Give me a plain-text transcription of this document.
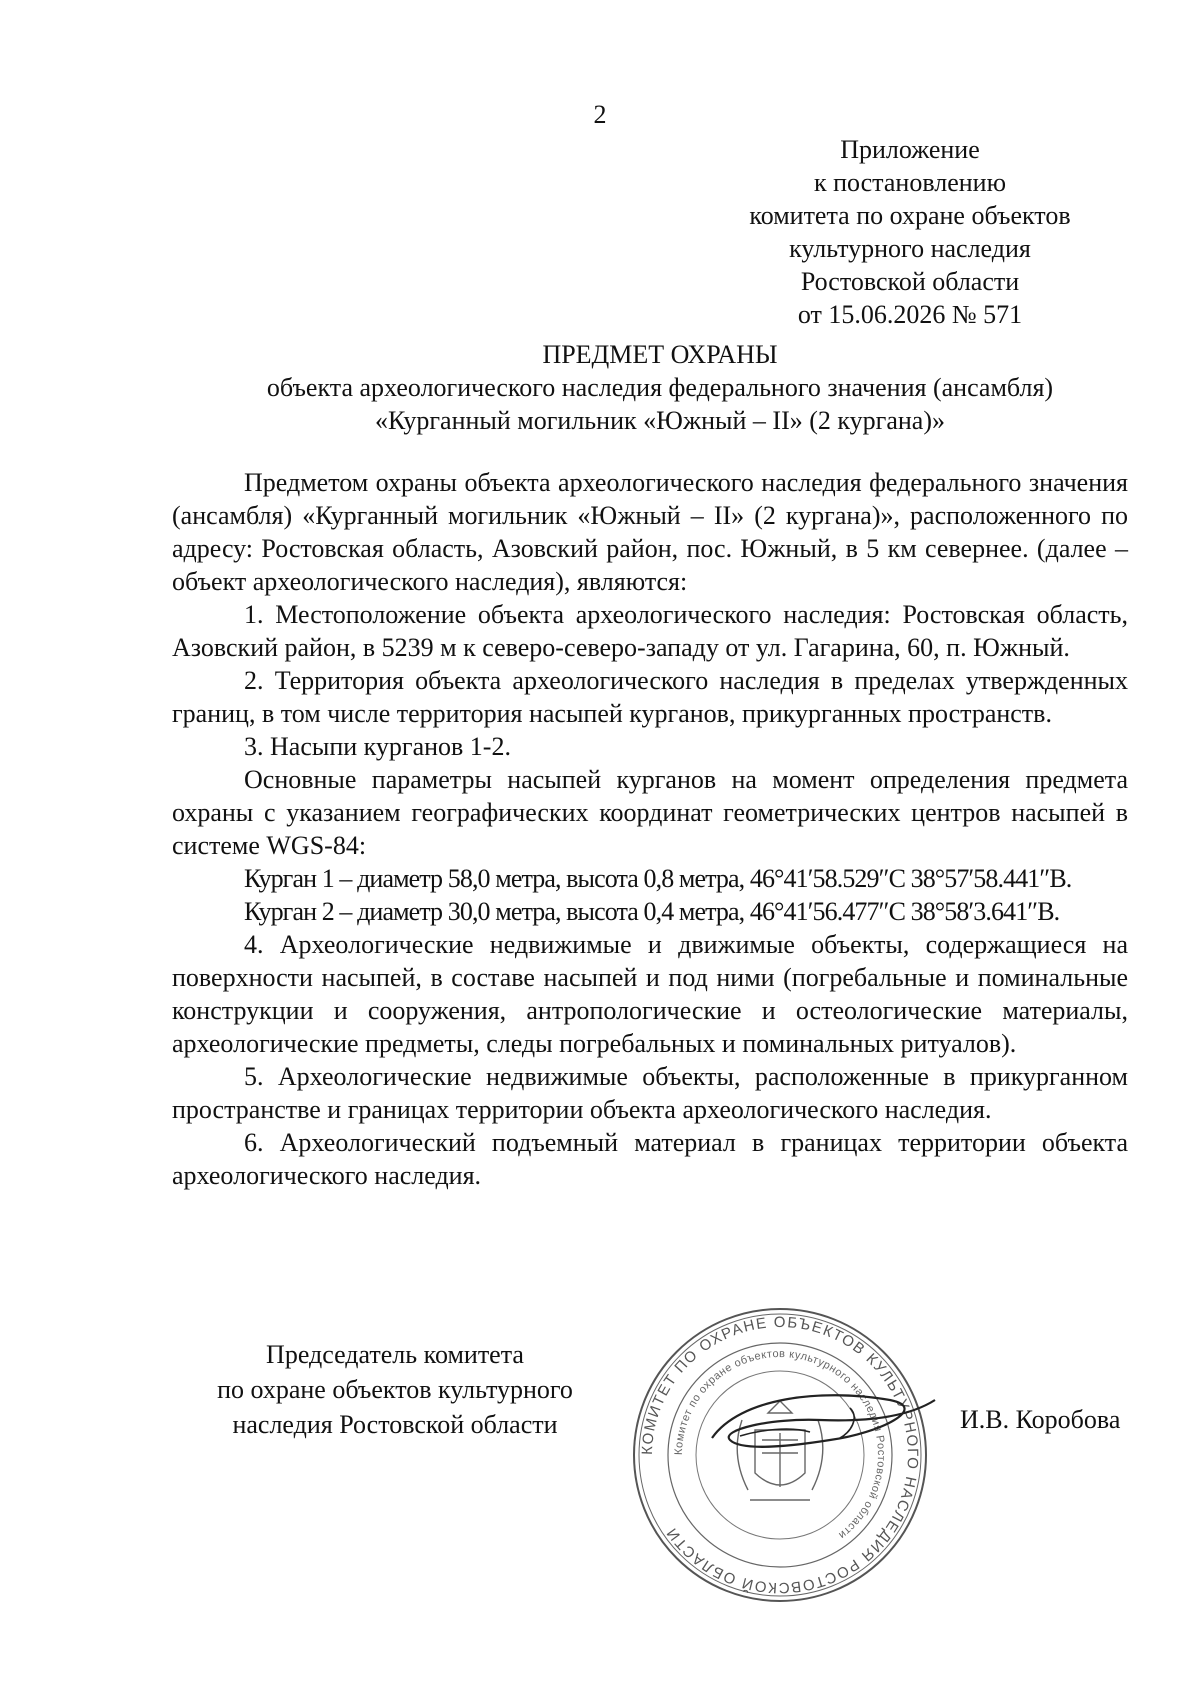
2
Приложение
к постановлению
комитета по охране объектов
культурного наследия
Ростовской области
от 15.06.2026 № 571
ПРЕДМЕТ ОХРАНЫ
объекта археологического наследия федерального значения (ансамбля)
«Курганный могильник «Южный – II» (2 кургана)»

Предметом охраны объекта археологического наследия федерального значения (ансамбля) «Курганный могильник «Южный – II» (2 кургана)», расположенного по адресу: Ростовская область, Азовский район, пос. Южный, в 5 км севернее. (далее – объект археологического наследия), являются:

1. Местоположение объекта археологического наследия: Ростовская область, Азовский район, в 5239 м к северо-северо-западу от ул. Гагарина, 60, п. Южный.

2. Территория объекта археологического наследия в пределах утвержденных границ, в том числе территория насыпей курганов, прикурганных пространств.

3. Насыпи курганов 1-2.

Основные параметры насыпей курганов на момент определения предмета охраны с указанием географических координат геометрических центров насыпей в системе WGS-84:

Курган 1 – диаметр 58,0 метра, высота 0,8 метра, 46°41′58.529″С 38°57′58.441″В.

Курган 2 – диаметр 30,0 метра, высота 0,4 метра, 46°41′56.477″С 38°58′3.641″В.

4. Археологические недвижимые и движимые объекты, содержащиеся на поверхности насыпей, в составе насыпей и под ними (погребальные и поминальные конструкции и сооружения, антропологические и остеологические материалы, археологические предметы, следы погребальных и поминальных ритуалов).

5. Археологические недвижимые объекты, расположенные в прикурганном пространстве и границах территории объекта археологического наследия.

6. Археологический подъемный материал в границах территории объекта археологического наследия.

Председатель комитета
по охране объектов культурного
наследия Ростовской области
КОМИТЕТ ПО ОХРАНЕ ОБЪЕКТОВ КУЛЬТУРНОГО НАСЛЕДИЯ РОСТОВСКОЙ ОБЛАСТИ
Комитет по охране объектов культурного наследия Ростовской области
И.В. Коробова
